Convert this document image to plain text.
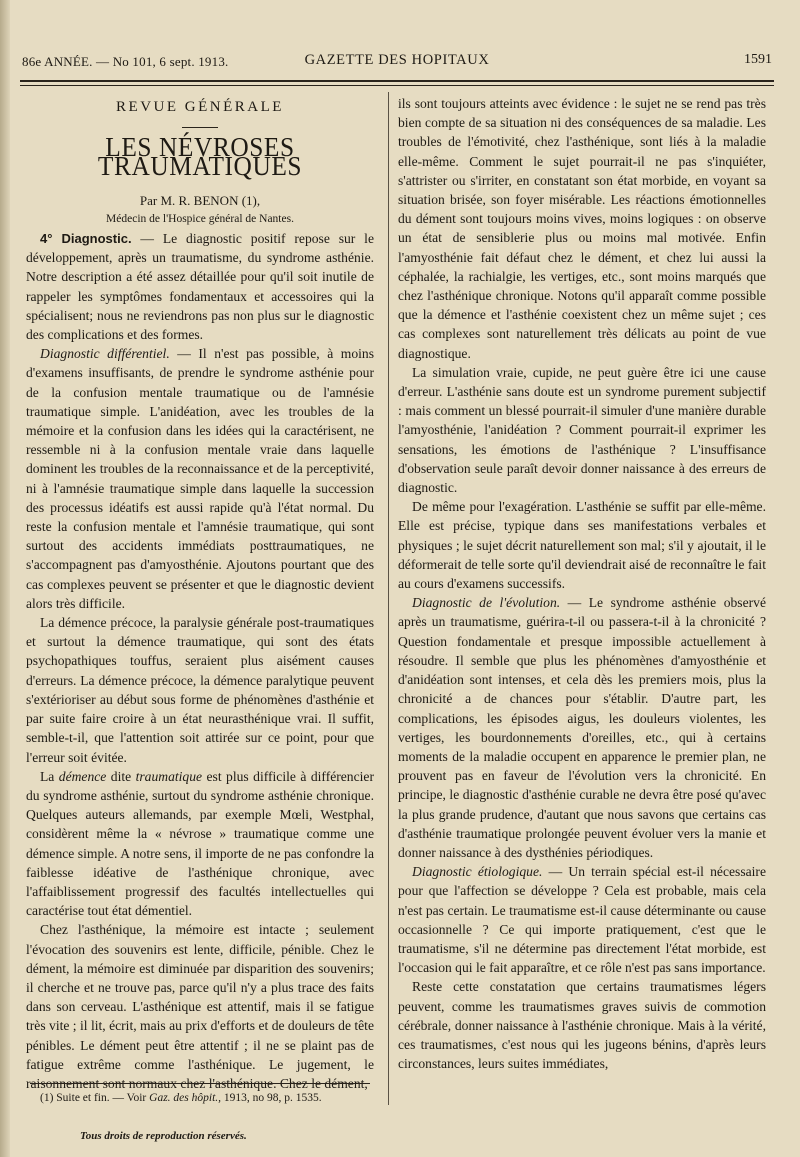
86e ANNÉE. — No 101, 6 sept. 1913.	GAZETTE DES HOPITAUX	1591
REVUE GÉNÉRALE
LES NÉVROSES TRAUMATIQUES

Par M. R. BENON (1),

Médecin de l'Hospice général de Nantes.

4° Diagnostic. — Le diagnostic positif repose sur le développement, après un traumatisme, du syndrome asthénie. Notre description a été assez détaillée pour qu'il soit inutile de rappeler les symptômes fondamentaux et accessoires qui la spécialisent; nous ne reviendrons pas non plus sur le diagnostic des complications et des formes.

Diagnostic différentiel. — Il n'est pas possible, à moins d'examens insuffisants, de prendre le syndrome asthénie pour de la confusion mentale traumatique ou de l'amnésie traumatique simple. L'anidéation, avec les troubles de la mémoire et la confusion dans les idées qui la caractérisent, ne ressemble ni à la confusion mentale vraie dans laquelle dominent les troubles de la reconnaissance et de la perceptivité, ni à l'amnésie traumatique simple dans laquelle la succession des processus idéatifs est aussi rapide qu'à l'état normal. Du reste la confusion mentale et l'amnésie traumatique, qui sont surtout des accidents immédiats posttraumatiques, ne s'accompagnent pas d'amyosthénie. Ajoutons pourtant que des cas complexes peuvent se présenter et que le diagnostic devient alors très difficile.

La démence précoce, la paralysie générale post-traumatiques et surtout la démence traumatique, qui sont des états psychopathiques touffus, seraient plus aisément causes d'erreurs. La démence précoce, la démence paralytique peuvent s'extérioriser au début sous forme de phénomènes d'asthénie et par suite faire croire à un état neurasthénique vrai. Il suffit, semble-t-il, que l'attention soit attirée sur ce point, pour que l'erreur soit évitée.

La démence dite traumatique est plus difficile à différencier du syndrome asthénie, surtout du syndrome asthénie chronique. Quelques auteurs allemands, par exemple Mœli, Westphal, considèrent même la « névrose » traumatique comme une démence simple. A notre sens, il importe de ne pas confondre la faiblesse idéative de l'asthénique chronique, avec l'affaiblissement progressif des facultés intellectuelles qui caractérise tout état démentiel.

Chez l'asthénique, la mémoire est intacte ; seulement l'évocation des souvenirs est lente, difficile, pénible. Chez le dément, la mémoire est diminuée par disparition des souvenirs; il cherche et ne trouve pas, parce qu'il n'y a plus trace des faits dans son cerveau. L'asthénique est attentif, mais il se fatigue très vite ; il lit, écrit, mais au prix d'efforts et de douleurs de tête pénibles. Le dément peut être attentif ; il ne se plaint pas de fatigue extrême comme l'asthénique. Le jugement, le raisonnement sont normaux chez l'asthénique. Chez le dément,

ils sont toujours atteints avec évidence : le sujet ne se rend pas très bien compte de sa situation ni des conséquences de sa maladie. Les troubles de l'émotivité, chez l'asthénique, sont liés à la maladie elle-même. Comment le sujet pourrait-il ne pas s'inquiéter, s'attrister ou s'irriter, en constatant son état morbide, en voyant sa situation brisée, son foyer misérable. Les réactions émotionnelles du dément sont toujours moins vives, moins logiques : on observe un état de sensiblerie plus ou moins mal motivée. Enfin l'amyosthénie fait défaut chez le dément, et chez lui aussi la céphalée, la rachialgie, les vertiges, etc., sont moins marqués que chez l'asthénique chronique. Notons qu'il apparaît comme possible que la démence et l'asthénie coexistent chez un même sujet ; ces cas complexes sont naturellement très délicats au point de vue diagnostique.

La simulation vraie, cupide, ne peut guère être ici une cause d'erreur. L'asthénie sans doute est un syndrome purement subjectif : mais comment un blessé pourrait-il simuler d'une manière durable l'amyosthénie, l'anidéation ? Comment pourrait-il exprimer les sensations, les émotions de l'asthénique ? L'insuffisance d'observation seule paraît devoir donner naissance à des erreurs de diagnostic.

De même pour l'exagération. L'asthénie se suffit par elle-même. Elle est précise, typique dans ses manifestations verbales et physiques ; le sujet décrit naturellement son mal; s'il y ajoutait, il le déformerait de telle sorte qu'il deviendrait aisé de reconnaître le fait au cours d'examens successifs.

Diagnostic de l'évolution. — Le syndrome asthénie observé après un traumatisme, guérira-t-il ou passera-t-il à la chronicité ? Question fondamentale et presque impossible actuellement à résoudre. Il semble que plus les phénomènes d'amyosthénie et d'anidéation sont intenses, et cela dès les premiers mois, plus la chronicité a de chances pour s'établir. D'autre part, les complications, les épisodes aigus, les douleurs violentes, les vertiges, les bourdonnements d'oreilles, etc., qui à certains moments de la maladie occupent en apparence le premier plan, ne prouvent pas en faveur de l'évolution vers la chronicité. En principe, le diagnostic d'asthénie curable ne devra être posé qu'avec la plus grande prudence, d'autant que nous savons que certains cas d'asthénie traumatique prolongée peuvent évoluer vers la manie et donner naissance à des dysthénies périodiques.

Diagnostic étiologique. — Un terrain spécial est-il nécessaire pour que l'affection se développe ? Cela est probable, mais cela n'est pas certain. Le traumatisme est-il cause déterminante ou cause occasionnelle ? Ce qui importe pratiquement, c'est que le traumatisme, s'il ne détermine pas directement l'état morbide, est l'occasion qui le fait apparaître, et ce rôle n'est pas sans importance.

Reste cette constatation que certains traumatismes légers peuvent, comme les traumatismes graves suivis de commotion cérébrale, donner naissance à l'asthénie chronique. Mais à la vérité, ces traumatismes, c'est nous qui les jugeons bénins, d'après leurs circonstances, leurs suites immédiates,

(1) Suite et fin. — Voir Gaz. des hôpit., 1913, no 98, p. 1535.
Tous droits de reproduction réservés.
